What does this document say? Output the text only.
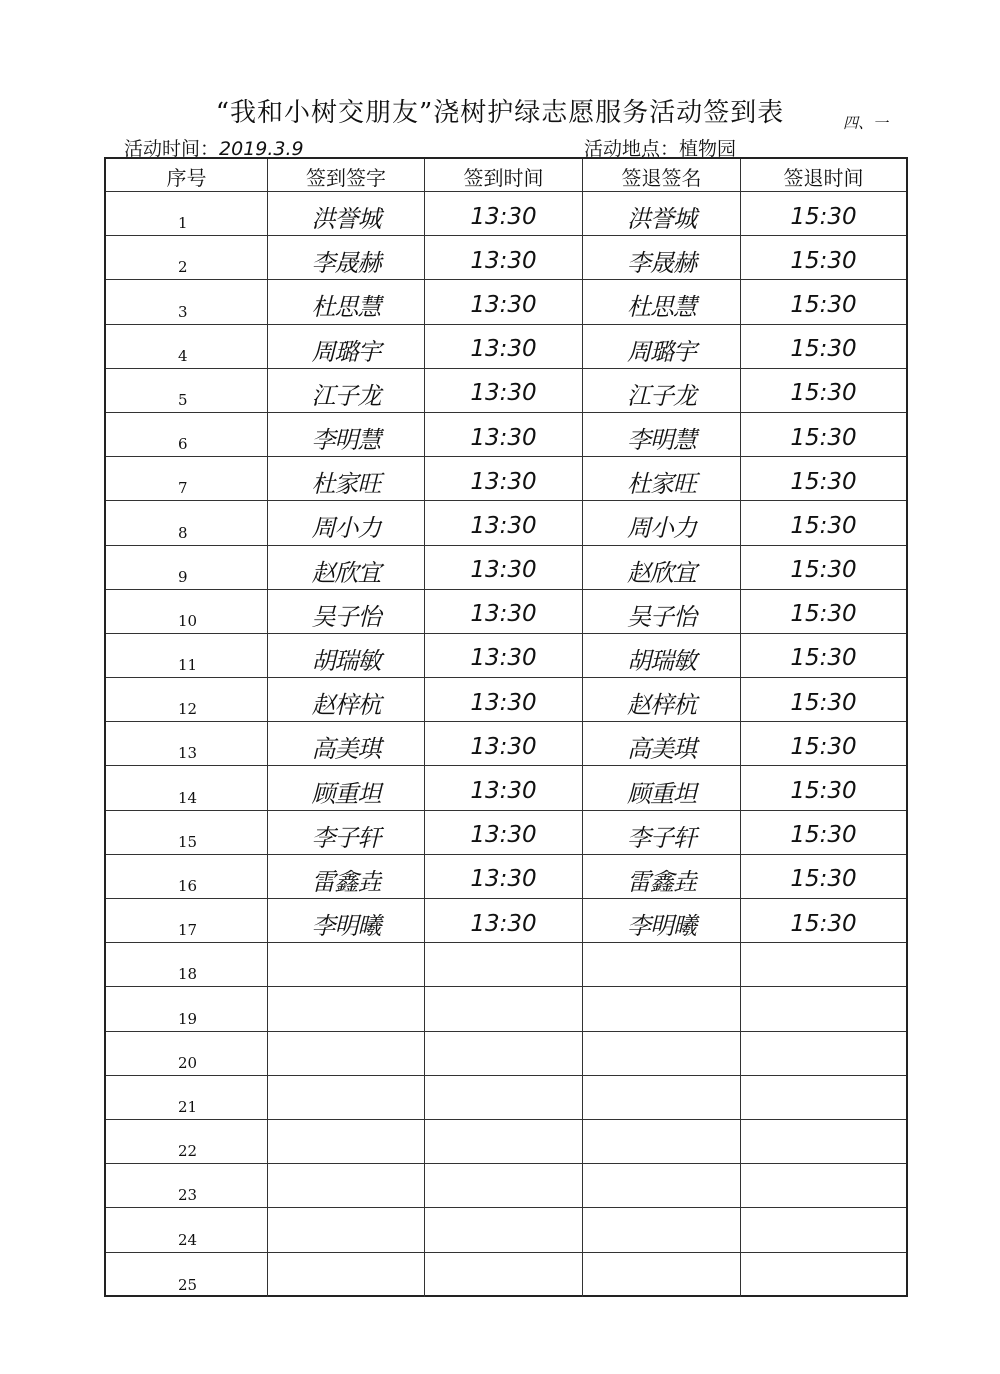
“我和小树交朋友”浇树护绿志愿服务活动签到表	四、一
活动时间：2019.3.9	活动地点：植物园
序号	签到签字	签到时间	签退签名	签退时间
1	洪誉城	13:30	洪誉城	15:30
2	李晟赫	13:30	李晟赫	15:30
3	杜思慧	13:30	杜思慧	15:30
4	周璐宇	13:30	周璐宇	15:30
5	江子龙	13:30	江子龙	15:30
6	李明慧	13:30	李明慧	15:30
7	杜家旺	13:30	杜家旺	15:30
8	周小力	13:30	周小力	15:30
9	赵欣宜	13:30	赵欣宜	15:30
10	吴子怡	13:30	吴子怡	15:30
11	胡瑞敏	13:30	胡瑞敏	15:30
12	赵梓杭	13:30	赵梓杭	15:30
13	高美琪	13:30	高美琪	15:30
14	顾重坦	13:30	顾重坦	15:30
15	李子轩	13:30	李子轩	15:30
16	雷鑫垚	13:30	雷鑫垚	15:30
17	李明曦	13:30	李明曦	15:30
18
19
20
21
22
23
24
25
